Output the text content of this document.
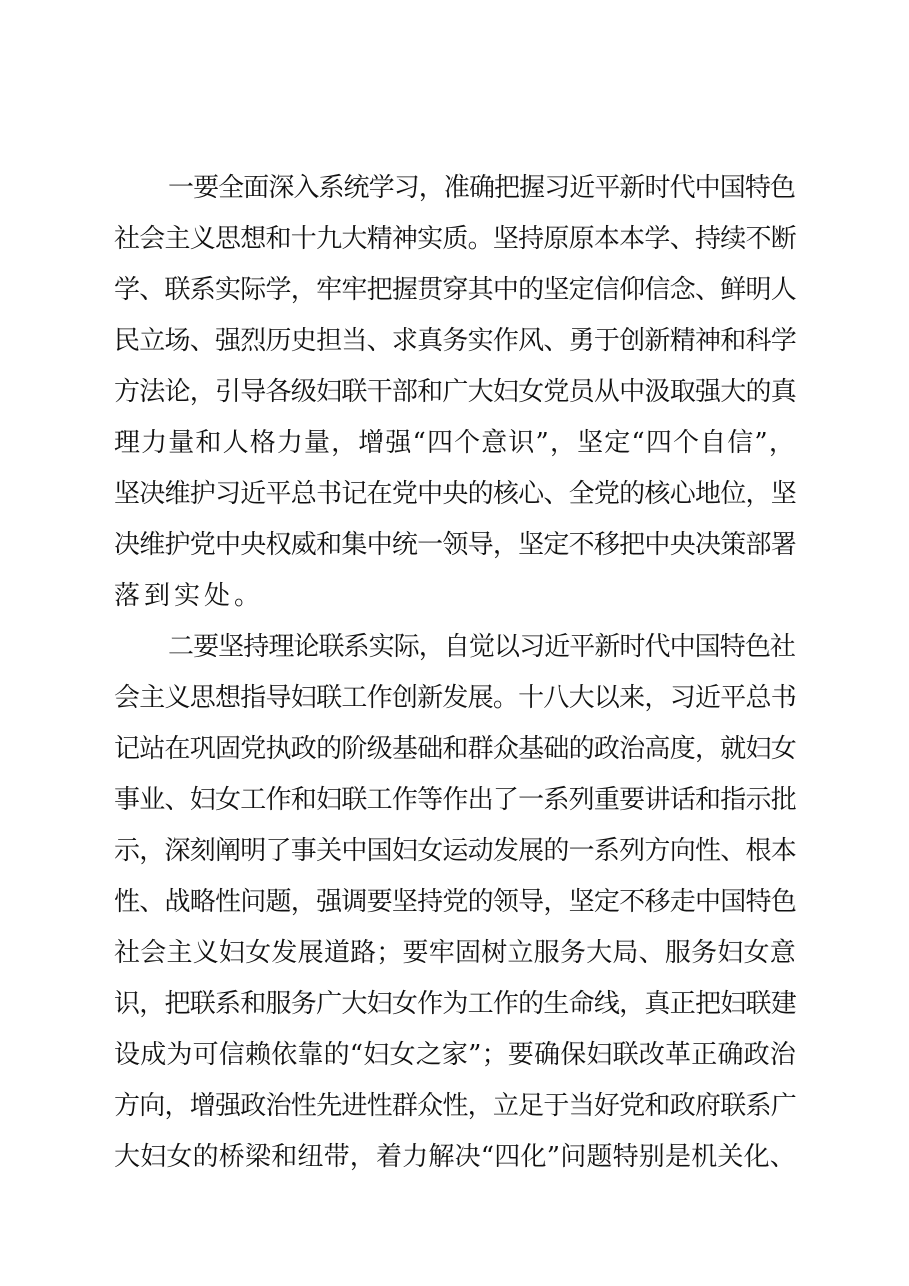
一要全面深入系统学习，准确把握习近平新时代中国特色
社会主义思想和十九大精神实质。坚持原原本本学、持续不断
学、联系实际学，牢牢把握贯穿其中的坚定信仰信念、鲜明人
民立场、强烈历史担当、求真务实作风、勇于创新精神和科学
方法论，引导各级妇联干部和广大妇女党员从中汲取强大的真
理力量和人格力量，增强“四个意识”，坚定“四个自信”，
坚决维护习近平总书记在党中央的核心、全党的核心地位，坚
决维护党中央权威和集中统一领导，坚定不移把中央决策部署
落到实处。
二要坚持理论联系实际，自觉以习近平新时代中国特色社
会主义思想指导妇联工作创新发展。十八大以来，习近平总书
记站在巩固党执政的阶级基础和群众基础的政治高度，就妇女
事业、妇女工作和妇联工作等作出了一系列重要讲话和指示批
示，深刻阐明了事关中国妇女运动发展的一系列方向性、根本
性、战略性问题，强调要坚持党的领导，坚定不移走中国特色
社会主义妇女发展道路；要牢固树立服务大局、服务妇女意
识，把联系和服务广大妇女作为工作的生命线，真正把妇联建
设成为可信赖依靠的“妇女之家”；要确保妇联改革正确政治
方向，增强政治性先进性群众性，立足于当好党和政府联系广
大妇女的桥梁和纽带，着力解决“四化”问题特别是机关化、
